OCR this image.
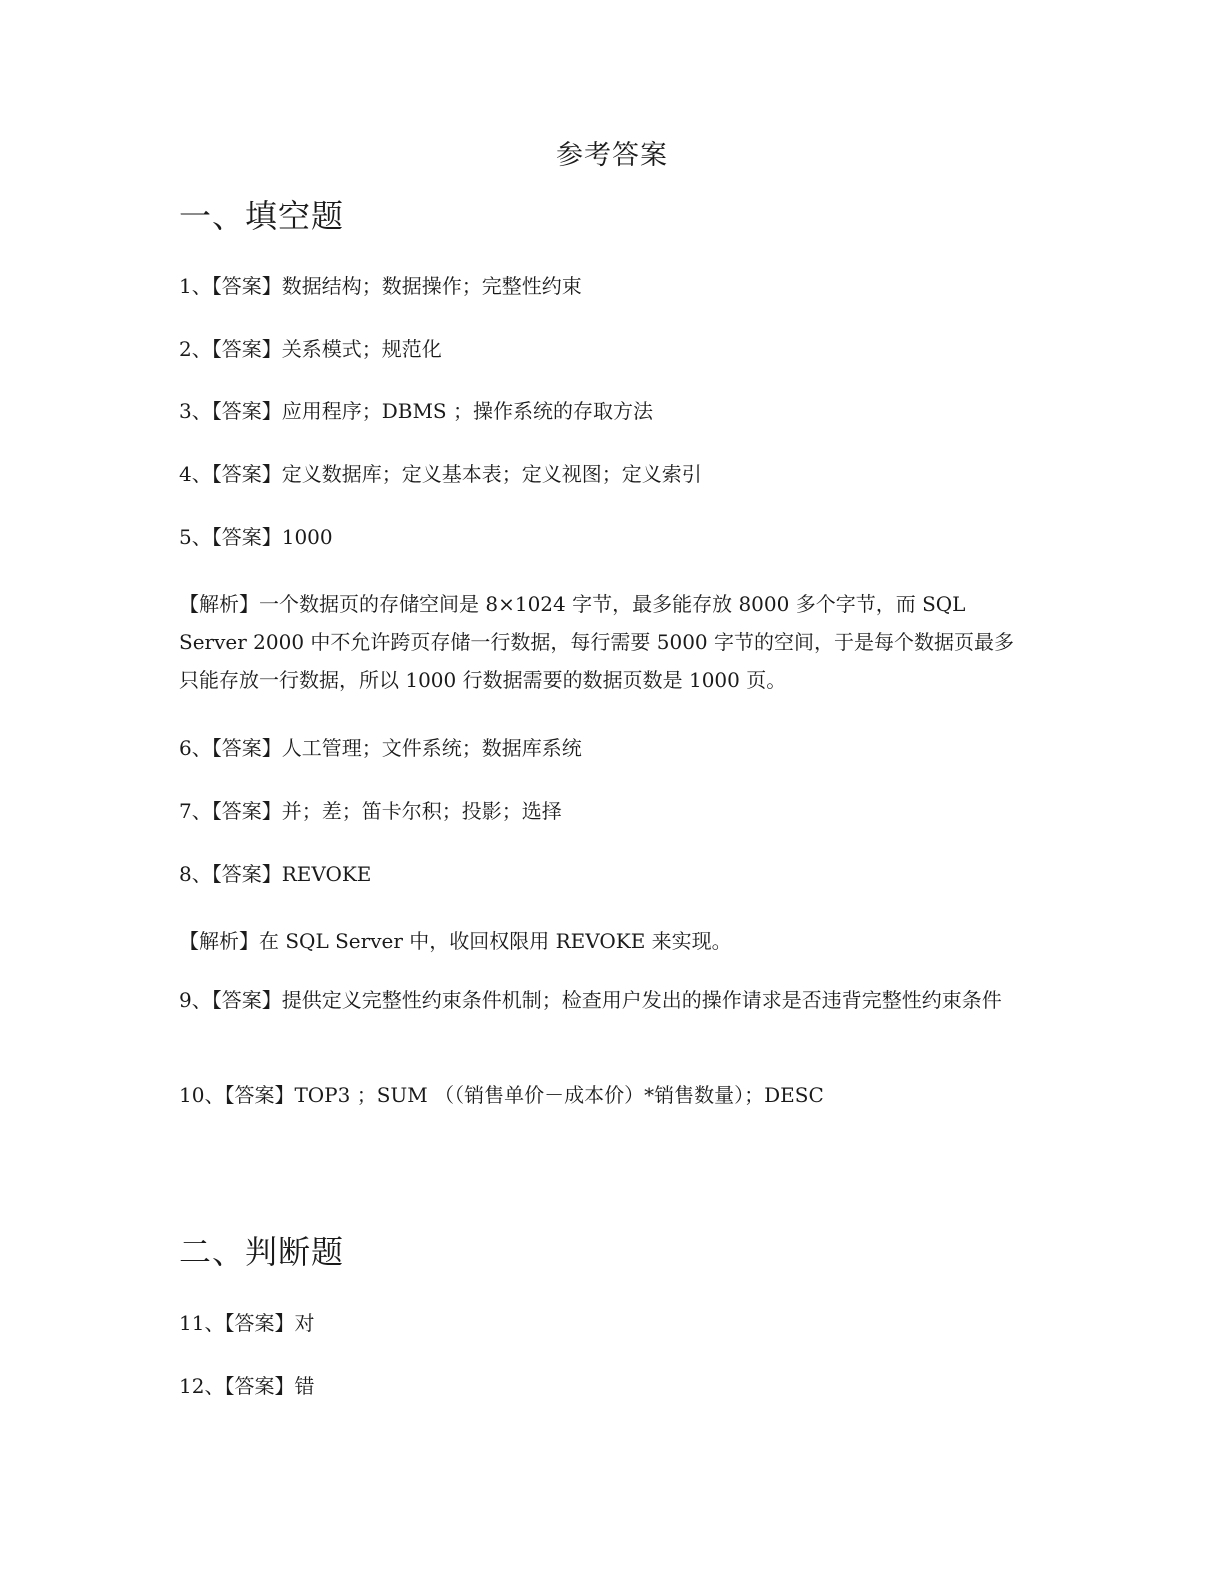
参考答案
一、填空题
1、【答案】数据结构；数据操作；完整性约束
2、【答案】关系模式；规范化
3、【答案】应用程序；DBMS ；操作系统的存取方法
4、【答案】定义数据库；定义基本表；定义视图；定义索引
5、【答案】1000
【解析】一个数据页的存储空间是 8×1024 字节，最多能存放 8000 多个字节，而 SQL Server 2000 中不允许跨页存储一行数据，每行需要 5000 字节的空间，于是每个数据页最多只能存放一行数据，所以 1000 行数据需要的数据页数是 1000 页。
6、【答案】人工管理；文件系统；数据库系统
7、【答案】并；差；笛卡尔积；投影；选择
8、【答案】REVOKE
【解析】在 SQL Server 中，收回权限用 REVOKE 来实现。
9、【答案】提供定义完整性约束条件机制；检查用户发出的操作请求是否违背完整性约束条件
10、【答案】TOP3 ；SUM （（销售单价－成本价）*销售数量）；DESC
二、判断题
11、【答案】对
12、【答案】错
